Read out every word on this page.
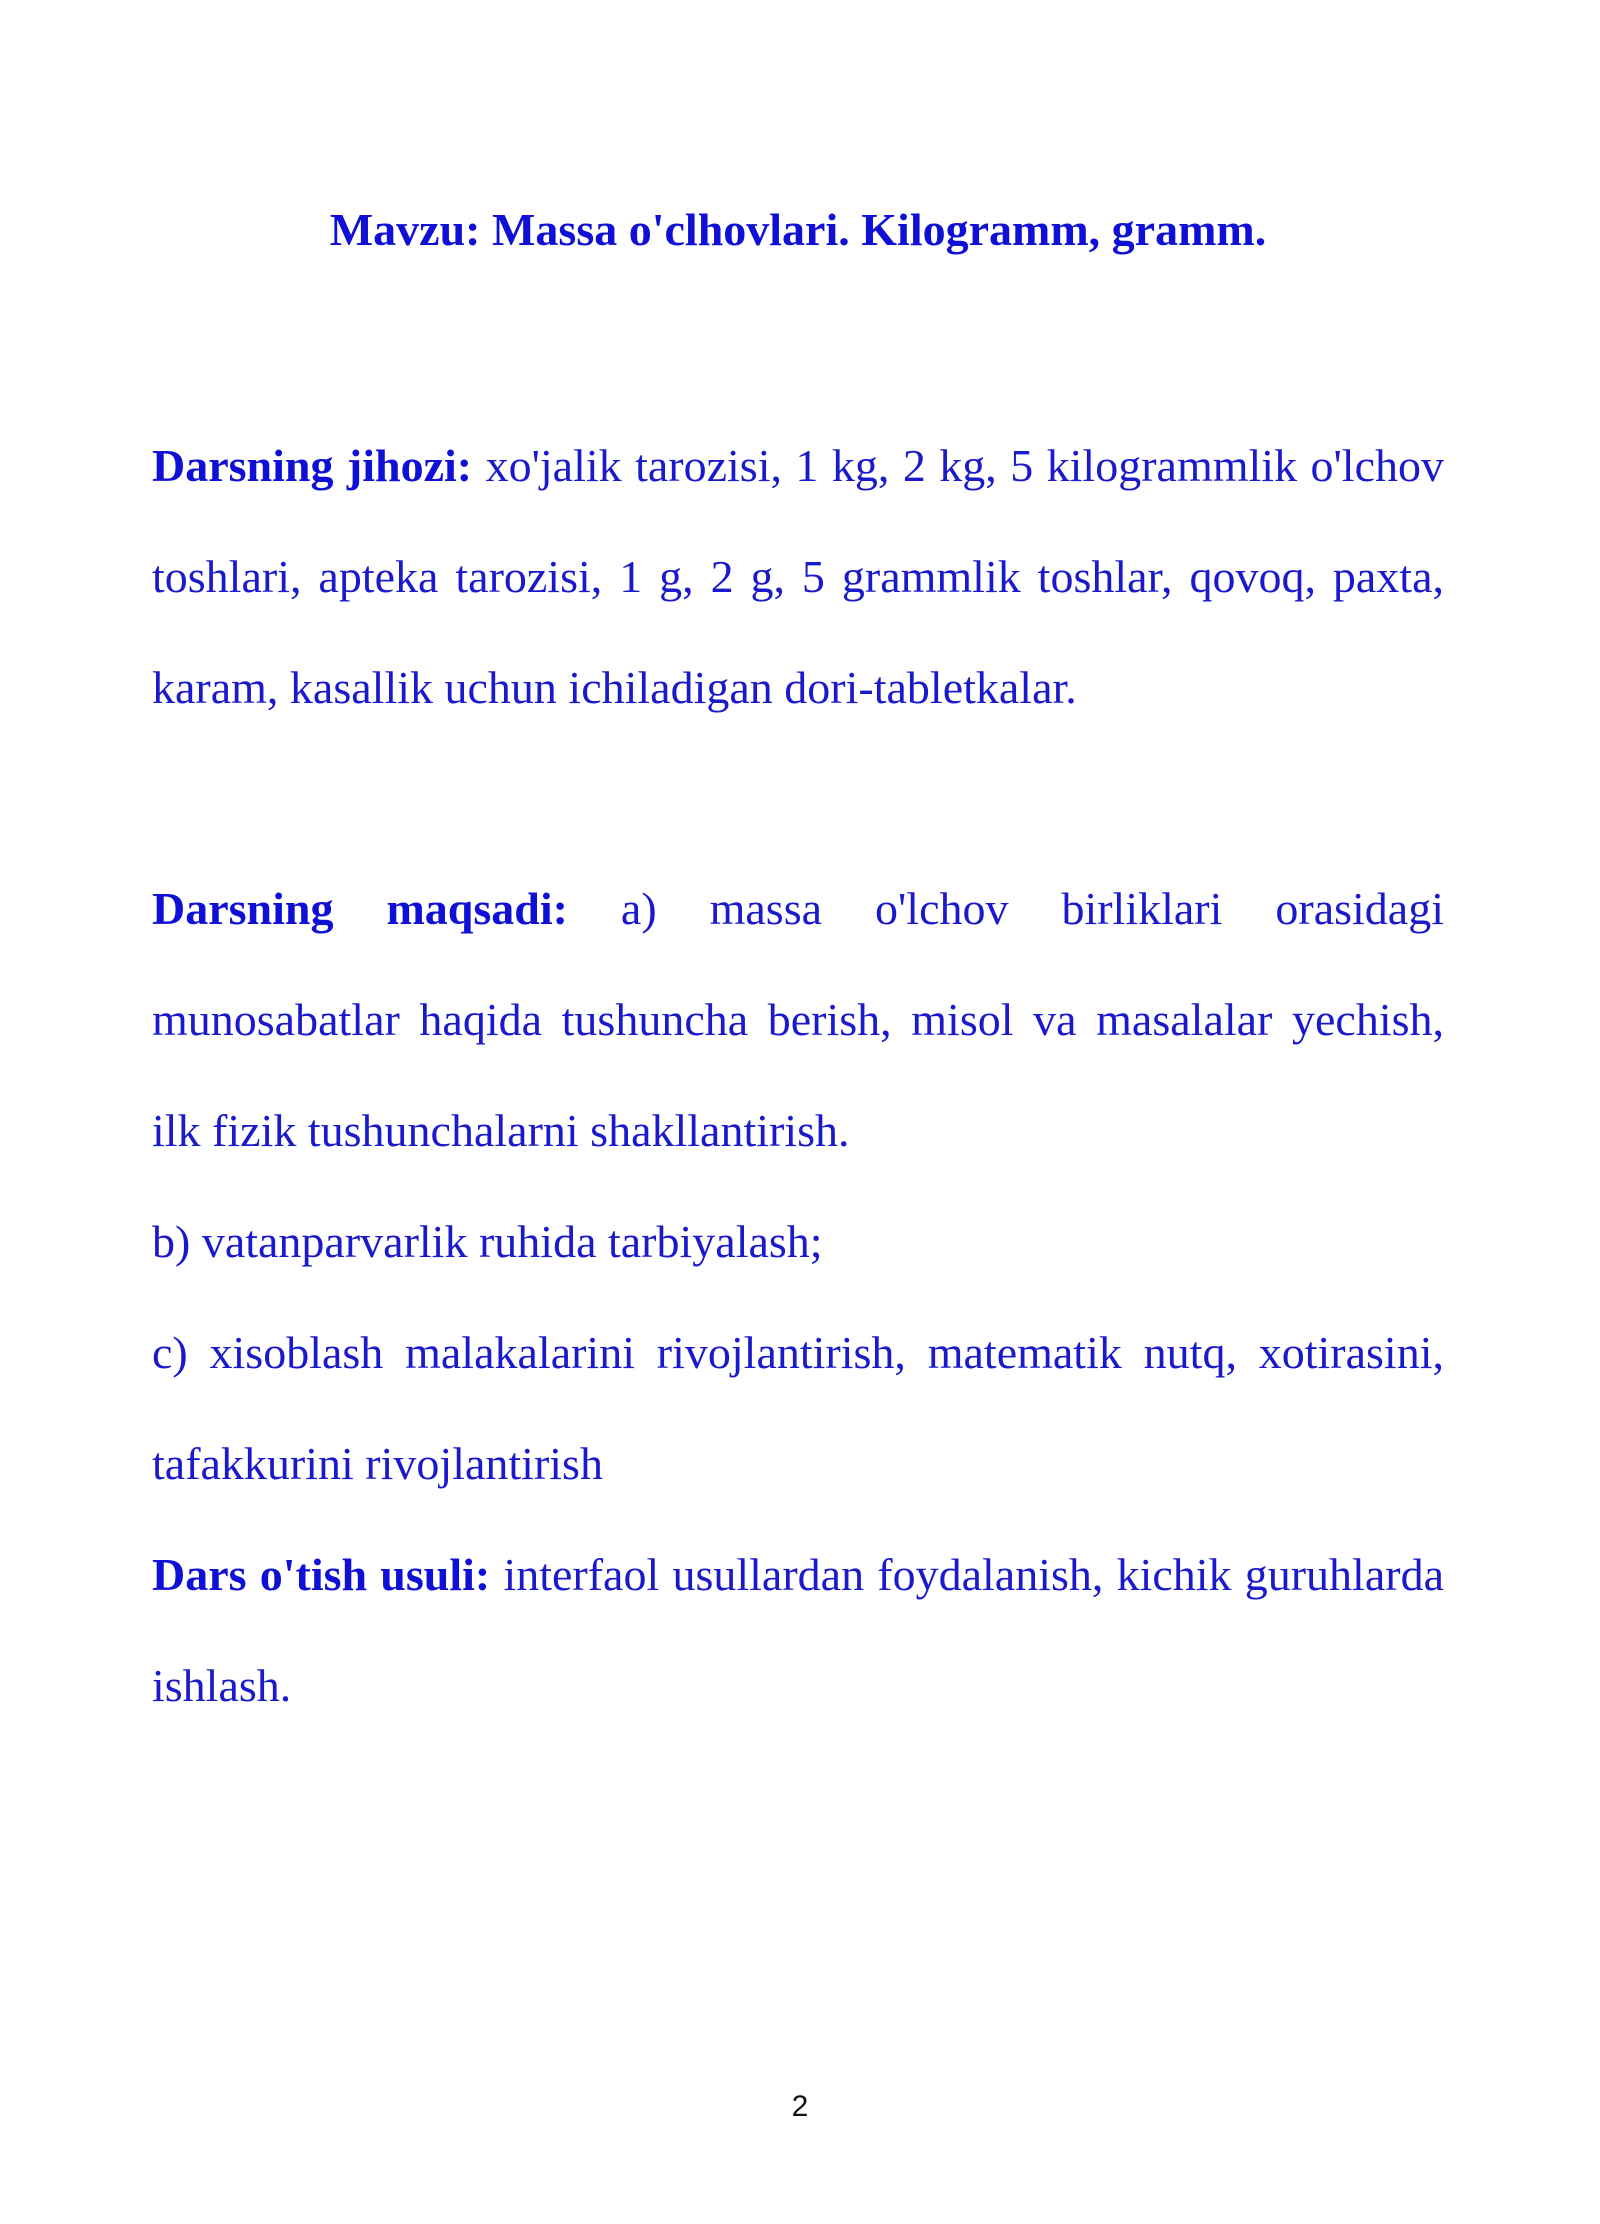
Mavzu: Massa o'clhovlari. Kilogramm, gramm.

Darsning jihozi: xo'jalik tarozisi, 1 kg, 2 kg, 5 kilogrammlik o'lchov toshlari, apteka tarozisi, 1 g, 2 g, 5 grammlik toshlar, qovoq, paxta, karam, kasallik uchun ichiladigan dori-tabletkalar.

Darsning maqsadi: a) massa o'lchov birliklari orasidagi munosabatlar haqida tushuncha berish, misol va masalalar yechish, ilk fizik tushunchalarni shakllantirish.

b) vatanparvarlik ruhida tarbiyalash;

c) xisoblash malakalarini rivojlantirish, matematik nutq, xotirasini, tafakkurini rivojlantirish

Dars o'tish usuli: interfaol usullardan foydalanish, kichik guruhlarda ishlash.

2
